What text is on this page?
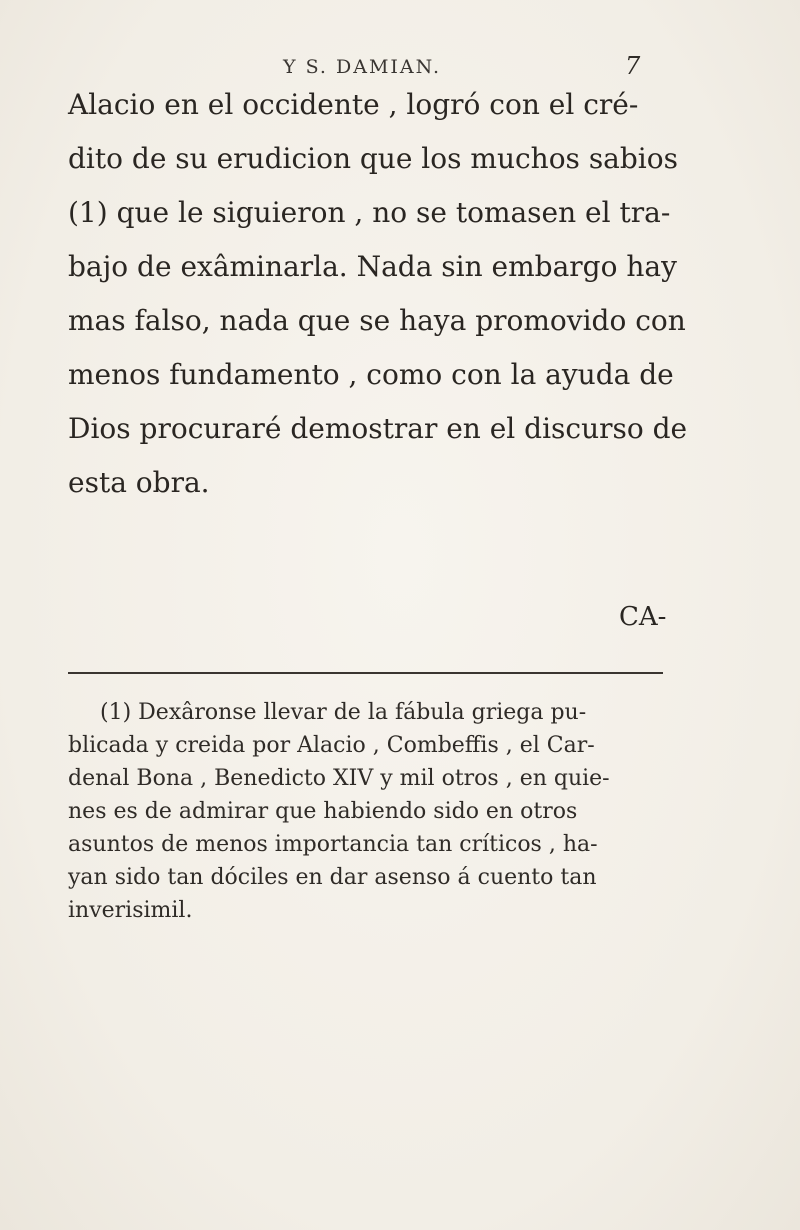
Y S. DAMIAN.	7
Alacio en el occidente , logró con el cré-
dito de su erudicion que los muchos sabios
(1) que le siguieron , no se tomasen el tra-
bajo de exâminarla. Nada sin embargo hay
mas falso, nada que se haya promovido con
menos fundamento , como con la ayuda de
Dios procuraré demostrar en el discurso de
esta obra.
CA-
(1) Dexâronse llevar de la fábula griega pu-
blicada y creida por Alacio , Combeffis , el Car-
denal Bona , Benedicto XIV y mil otros , en quie-
nes es de admirar que habiendo sido en otros
asuntos de menos importancia tan críticos , ha-
yan sido tan dóciles en dar asenso á cuento tan
inverisimil.
